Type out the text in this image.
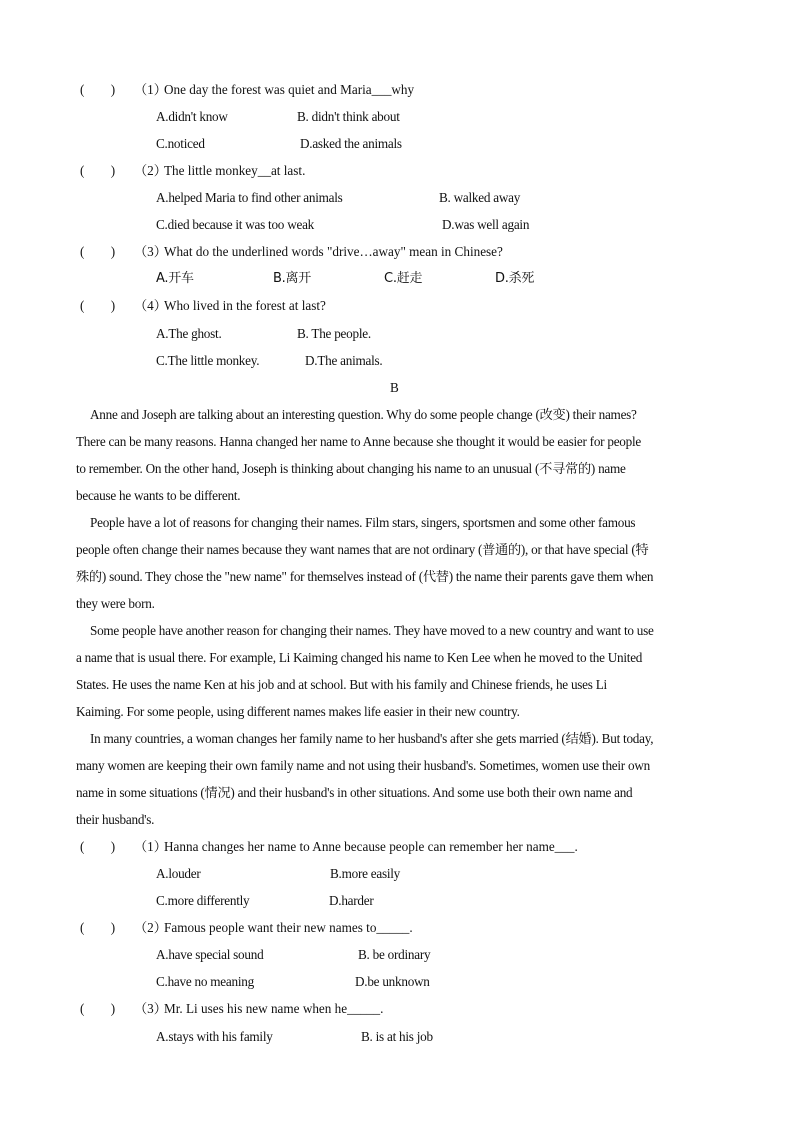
(　　) （1）One day the forest was quiet and Maria___why
A.didn't know	B. didn't think about
C.noticed	D.asked the animals
(　　) （2）The little monkey__at last.
A.helped Maria to find other animals	B. walked away
C.died because it was too weak	D.was well again
(　　) （3）What do the underlined words "drive…away" mean in Chinese?
A.开车	B.离开	C.赶走	D.杀死
(　　) （4）Who lived in the forest at last?
A.The ghost.	B. The people.
C.The little monkey.	D.The animals.
B
Anne and Joseph are talking about an interesting question. Why do some people change (改变) their names?
There can be many reasons. Hanna changed her name to Anne because she thought it would be easier for people
to remember. On the other hand, Joseph is thinking about changing his name to an unusual (不寻常的) name
because he wants to be different.
People have a lot of reasons for changing their names. Film stars, singers, sportsmen and some other famous
people often change their names because they want names that are not ordinary (普通的), or that have special (特
殊的) sound. They chose the "new name" for themselves instead of (代替) the name their parents gave them when
they were born.
Some people have another reason for changing their names. They have moved to a new country and want to use
a name that is usual there. For example, Li Kaiming changed his name to Ken Lee when he moved to the United
States. He uses the name Ken at his job and at school. But with his family and Chinese friends, he uses Li
Kaiming. For some people, using different names makes life easier in their new country.
In many countries, a woman changes her family name to her husband's after she gets married (结婚). But today,
many women are keeping their own family name and not using their husband's. Sometimes, women use their own
name in some situations (情况) and their husband's in other situations. And some use both their own name and
their husband's.
(　　) （1）Hanna changes her name to Anne because people can remember her name___.
A.louder	B.more easily
C.more differently	D.harder
(　　) （2）Famous people want their new names to_____.
A.have special sound	B. be ordinary
C.have no meaning	D.be unknown
(　　) （3）Mr. Li uses his new name when he_____.
A.stays with his family	B. is at his job
